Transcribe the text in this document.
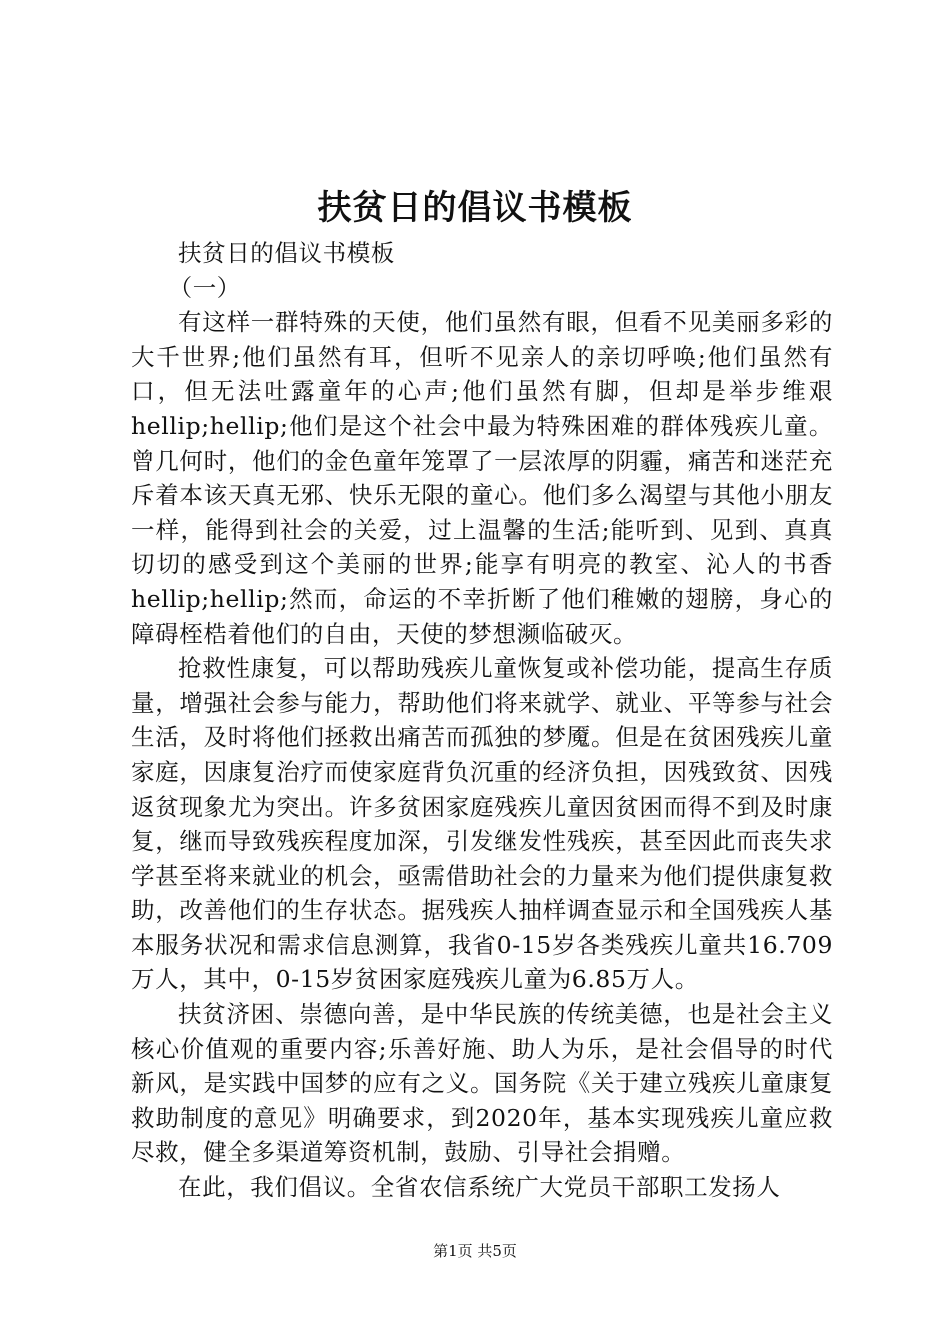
扶贫日的倡议书模板

扶贫日的倡议书模板

（一）

有这样一群特殊的天使，他们虽然有眼，但看不见美丽多彩的大千世界;他们虽然有耳，但听不见亲人的亲切呼唤;他们虽然有口，但无法吐露童年的心声;他们虽然有脚，但却是举步维艰hellip;hellip;他们是这个社会中最为特殊困难的群体残疾儿童。曾几何时，他们的金色童年笼罩了一层浓厚的阴霾，痛苦和迷茫充斥着本该天真无邪、快乐无限的童心。他们多么渴望与其他小朋友一样，能得到社会的关爱，过上温馨的生活;能听到、见到、真真切切的感受到这个美丽的世界;能享有明亮的教室、沁人的书香hellip;hellip;然而，命运的不幸折断了他们稚嫩的翅膀，身心的障碍桎梏着他们的自由，天使的梦想濒临破灭。

抢救性康复，可以帮助残疾儿童恢复或补偿功能，提高生存质量，增强社会参与能力，帮助他们将来就学、就业、平等参与社会生活，及时将他们拯救出痛苦而孤独的梦魇。但是在贫困残疾儿童家庭，因康复治疗而使家庭背负沉重的经济负担，因残致贫、因残返贫现象尤为突出。许多贫困家庭残疾儿童因贫困而得不到及时康复，继而导致残疾程度加深，引发继发性残疾，甚至因此而丧失求学甚至将来就业的机会，亟需借助社会的力量来为他们提供康复救助，改善他们的生存状态。据残疾人抽样调查显示和全国残疾人基本服务状况和需求信息测算，我省0-15岁各类残疾儿童共16.709万人，其中，0-15岁贫困家庭残疾儿童为6.85万人。

扶贫济困、崇德向善，是中华民族的传统美德，也是社会主义核心价值观的重要内容;乐善好施、助人为乐，是社会倡导的时代新风，是实践中国梦的应有之义。国务院《关于建立残疾儿童康复救助制度的意见》明确要求，到2020年，基本实现残疾儿童应救尽救，健全多渠道筹资机制，鼓励、引导社会捐赠。

在此，我们倡议。全省农信系统广大党员干部职工发扬人

第1页 共5页
